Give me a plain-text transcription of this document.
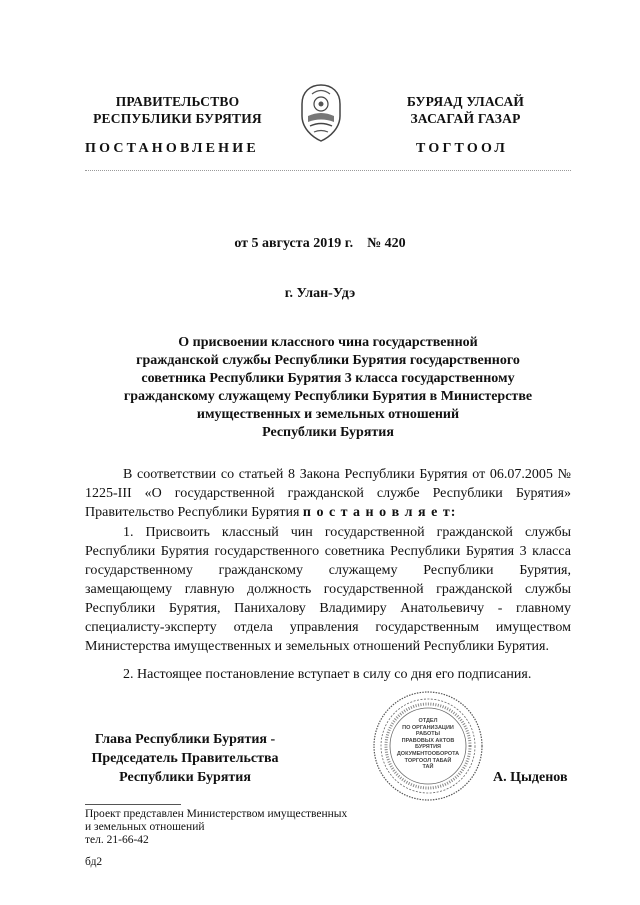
ПРАВИТЕЛЬСТВО
РЕСПУБЛИКИ БУРЯТИЯ
БУРЯАД УЛАСАЙ
ЗАСАГАЙ ГАЗАР
ПОСТАНОВЛЕНИЕ	ТОГТООЛ
от 5 августа 2019 г.    № 420
г. Улан-Удэ
О присвоении классного чина государственной
гражданской службы Республики Бурятия государственного
советника Республики Бурятия 3 класса государственному
гражданскому служащему Республики Бурятия в Министерстве
имущественных и земельных отношений
Республики Бурятия

В соответствии со статьей 8 Закона Республики Бурятия от 06.07.2005 № 1225-III «О государственной гражданской службе Республики Бурятия» Правительство Республики Бурятия п о с т а н о в л я е т:

1. Присвоить классный чин государственной гражданской службы Республики Бурятия государственного советника Республики Бурятия 3 класса государственному гражданскому служащему Республики Бурятия, замещающему главную должность государственной гражданской службы Республики Бурятия, Панихалову Владимиру Анатольевичу - главному специалисту-эксперту отдела управления государственным имуществом Министерства имущественных и земельных отношений Республики Бурятия.

2. Настоящее постановление вступает в силу со дня его подписания.

Глава Республики Бурятия -
Председатель Правительства
Республики Бурятия
ОТДЕЛ
ПО ОРГАНИЗАЦИИ
РАБОТЫ
ПРАВОВЫХ АКТОВ
БУРЯТИЯ
ДОКУМЕНТООБОРОТА
ТОРГООЛ ТАБАЙ
ТАЙ
А. Цыденов
Проект представлен Министерством имущественных
и земельных отношений
тел. 21-66-42
бд2
